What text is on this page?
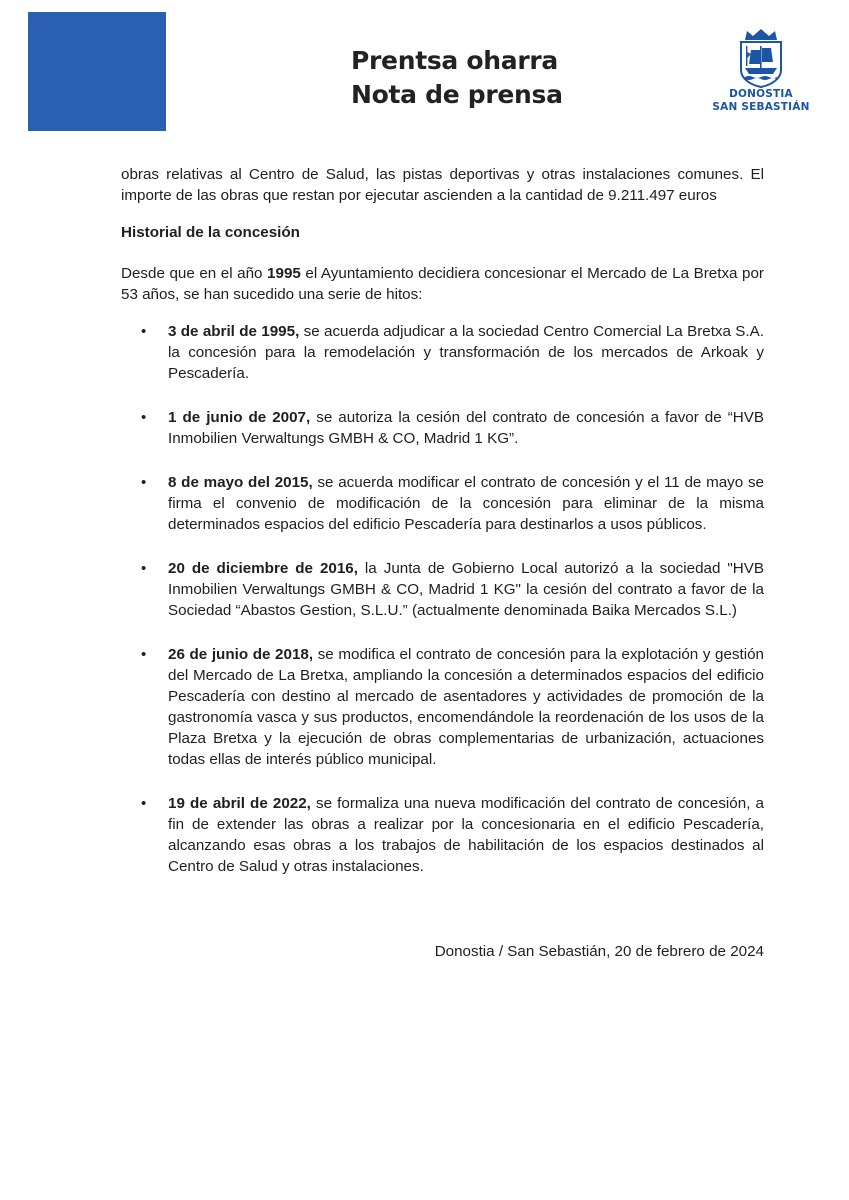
Prentsa oharra
Nota de prensa	DONOSTIA
SAN SEBASTIÁN

obras relativas al Centro de Salud, las pistas deportivas y otras instalaciones comunes. El importe de las obras que restan por ejecutar ascienden a la cantidad de 9.211.497 euros

Historial de la concesión

Desde que en el año 1995 el Ayuntamiento decidiera concesionar el Mercado de La Bretxa por 53 años, se han sucedido una serie de hitos:

• 3 de abril de 1995, se acuerda adjudicar a la sociedad Centro Comercial La Bretxa S.A. la concesión para la remodelación y transformación de los mercados de Arkoak y Pescadería.
• 1 de junio de 2007, se autoriza la cesión del contrato de concesión a favor de “HVB Inmobilien Verwaltungs GMBH & CO, Madrid 1 KG”.
• 8 de mayo del 2015, se acuerda modificar el contrato de concesión y el 11 de mayo se firma el convenio de modificación de la concesión para eliminar de la misma determinados espacios del edificio Pescadería para destinarlos a usos públicos.
• 20 de diciembre de 2016, la Junta de Gobierno Local autorizó a la sociedad "HVB Inmobilien Verwaltungs GMBH & CO, Madrid 1 KG" la cesión del contrato a favor de la Sociedad “Abastos Gestion, S.L.U.” (actualmente denominada Baika Mercados S.L.)
• 26 de junio de 2018, se modifica el contrato de concesión para la explotación y gestión del Mercado de La Bretxa, ampliando la concesión a determinados espacios del edificio Pescadería con destino al mercado de asentadores y actividades de promoción de la gastronomía vasca y sus productos, encomendándole la reordenación de los usos de la Plaza Bretxa y la ejecución de obras complementarias de urbanización, actuaciones todas ellas de interés público municipal.
• 19 de abril de 2022, se formaliza una nueva modificación del contrato de concesión, a fin de extender las obras a realizar por la concesionaria en el edificio Pescadería, alcanzando esas obras a los trabajos de habilitación de los espacios destinados al Centro de Salud y otras instalaciones.
Donostia / San Sebastián, 20 de febrero de 2024
